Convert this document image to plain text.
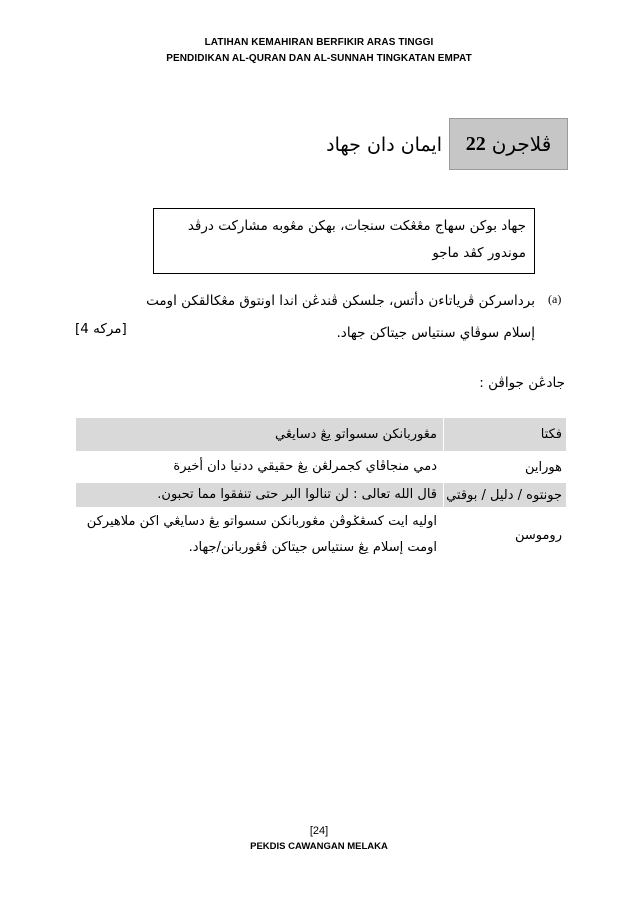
LATIHAN KEMAHIRAN BERFIKIR ARAS TINGGI
PENDIDIKAN AL-QURAN DAN AL-SUNNAH TINGKATAN EMPAT
ڤلاجرن
22
ايمان دان جهاد
جهاد بوكن سهاج مڠڠكت سنجات، بهكن مڠوبه مشاركت درڤد
موندور كڤد ماجو
(a)
برداسركن ڤرياتاءن دأتس، جلسكن ڤندڠن اندا اونتوق مڠكالقكن اومت
إسلام سوڤاي سنتياس جيتاكن جهاد.
[4 مركه]
جادڠن جواڤن :
فكتا	مڠوربانكن سسواتو يڠ دسايڠي

هوراين	دمي منجاڤاي كجمرلڠن يڠ حقيقي ددنيا دان أخيرة

جونتوه / دليل / بوقتي	قال الله تعالى : لن تنالوا البر حتى تنفقوا مما تحبون.

روموسن	اوليه ايت كسڠݢوڤن مڠوربانكن سسواتو يڠ دسايڠي اكن ملاهيركن
اومت إسلام يڠ سنتياس جيتاكن ڤڠوربانن/جهاد.
[24]
PEKDIS CAWANGAN MELAKA
